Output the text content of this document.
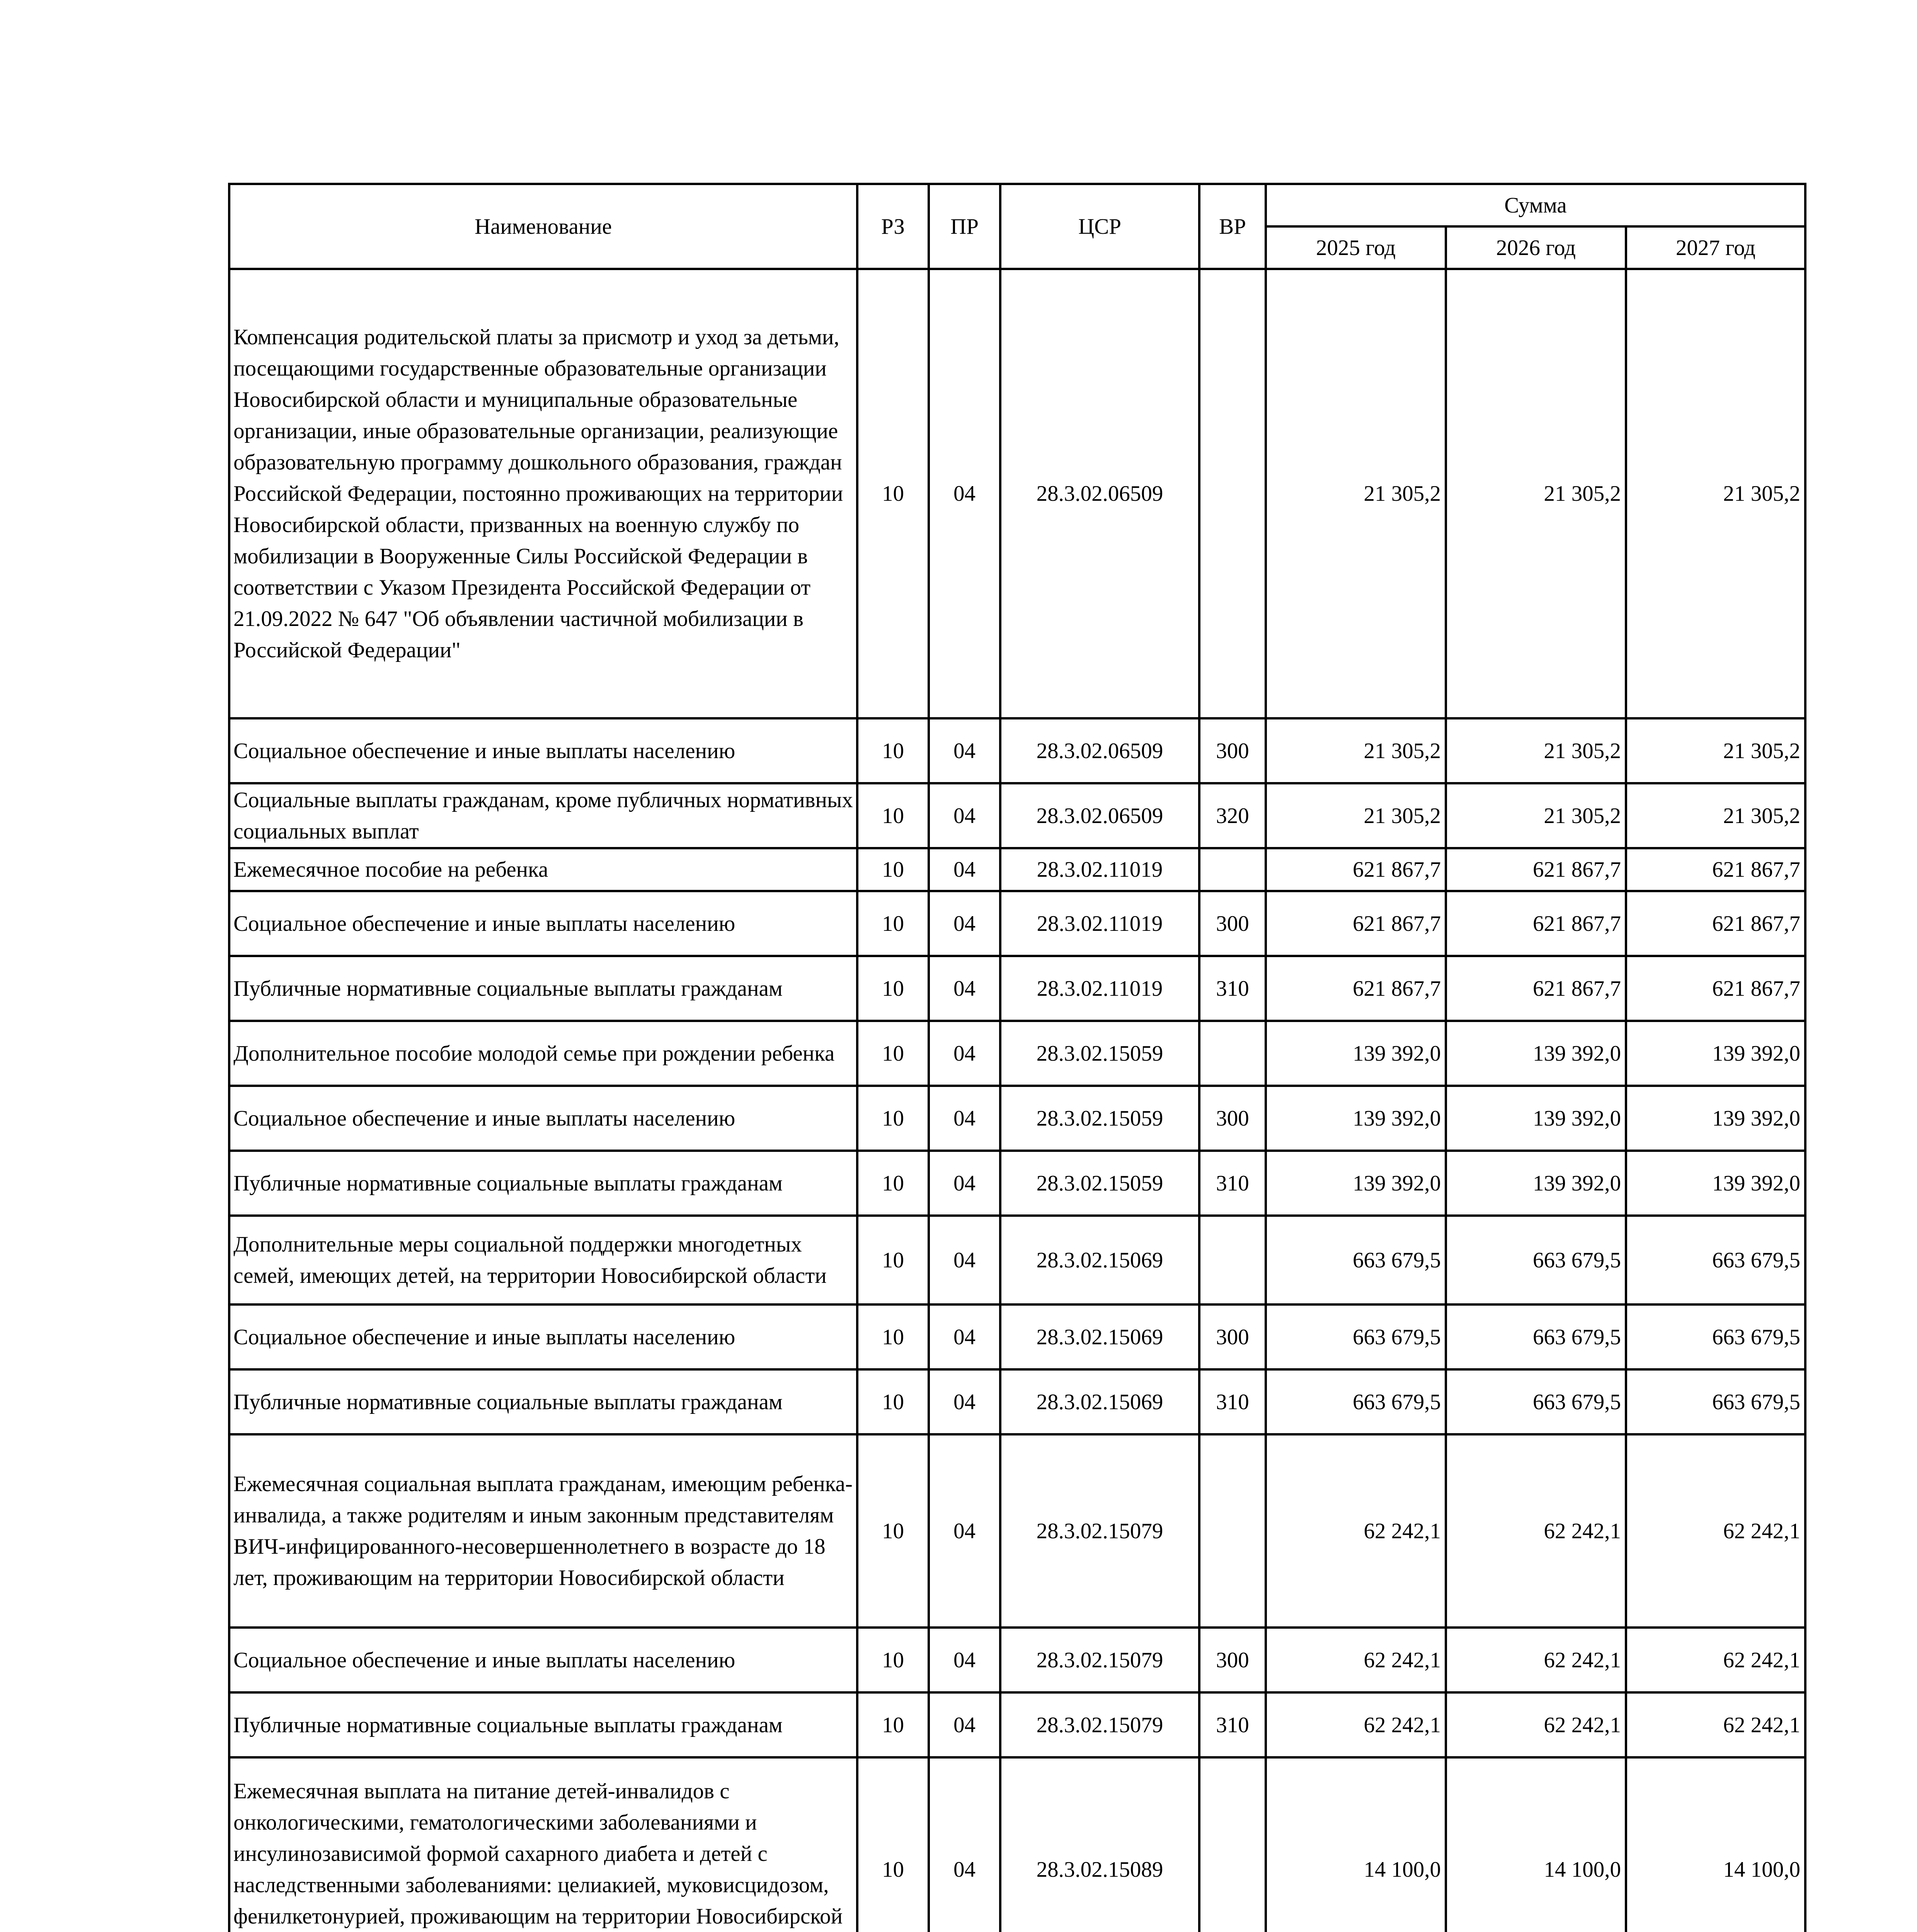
Наименование	РЗ	ПР	ЦСР	ВР	Сумма		
					2025 год	2026 год	2027 год
Компенсация родительской платы за присмотр и уход за детьми, посещающими государственные образовательные организации Новосибирской области и муниципальные образовательные организации, иные образовательные организации, реализующие образовательную программу дошкольного образования, граждан Российской Федерации, постоянно проживающих на территории Новосибирской области, призванных на военную службу по мобилизации в Вооруженные Силы Российской Федерации в соответствии с Указом Президента Российской Федерации от 21.09.2022 № 647 "Об объявлении частичной мобилизации в Российской Федерации"	10	04	28.3.02.06509		21 305,2	21 305,2	21 305,2
Социальное обеспечение и иные выплаты населению	10	04	28.3.02.06509	300	21 305,2	21 305,2	21 305,2
Социальные выплаты гражданам, кроме публичных нормативных социальных выплат	10	04	28.3.02.06509	320	21 305,2	21 305,2	21 305,2
Ежемесячное пособие на ребенка	10	04	28.3.02.11019		621 867,7	621 867,7	621 867,7
Социальное обеспечение и иные выплаты населению	10	04	28.3.02.11019	300	621 867,7	621 867,7	621 867,7
Публичные нормативные социальные выплаты гражданам	10	04	28.3.02.11019	310	621 867,7	621 867,7	621 867,7
Дополнительное пособие молодой семье при рождении ребенка	10	04	28.3.02.15059		139 392,0	139 392,0	139 392,0
Социальное обеспечение и иные выплаты населению	10	04	28.3.02.15059	300	139 392,0	139 392,0	139 392,0
Публичные нормативные социальные выплаты гражданам	10	04	28.3.02.15059	310	139 392,0	139 392,0	139 392,0
Дополнительные меры социальной поддержки многодетных семей, имеющих детей, на территории Новосибирской области	10	04	28.3.02.15069		663 679,5	663 679,5	663 679,5
Социальное обеспечение и иные выплаты населению	10	04	28.3.02.15069	300	663 679,5	663 679,5	663 679,5
Публичные нормативные социальные выплаты гражданам	10	04	28.3.02.15069	310	663 679,5	663 679,5	663 679,5
Ежемесячная социальная выплата гражданам, имеющим ребенка-инвалида, а также родителям и иным законным представителям ВИЧ-инфицированного-несовершеннолетнего в возрасте до 18 лет, проживающим на территории Новосибирской области	10	04	28.3.02.15079		62 242,1	62 242,1	62 242,1
Социальное обеспечение и иные выплаты населению	10	04	28.3.02.15079	300	62 242,1	62 242,1	62 242,1
Публичные нормативные социальные выплаты гражданам	10	04	28.3.02.15079	310	62 242,1	62 242,1	62 242,1
Ежемесячная выплата на питание детей-инвалидов с онкологическими, гематологическими заболеваниями и инсулинозависимой формой сахарного диабета и детей с наследственными заболеваниями: целиакией, муковисцидозом, фенилкетонурией, проживающим на территории Новосибирской	10	04	28.3.02.15089		14 100,0	14 100,0	14 100,0
